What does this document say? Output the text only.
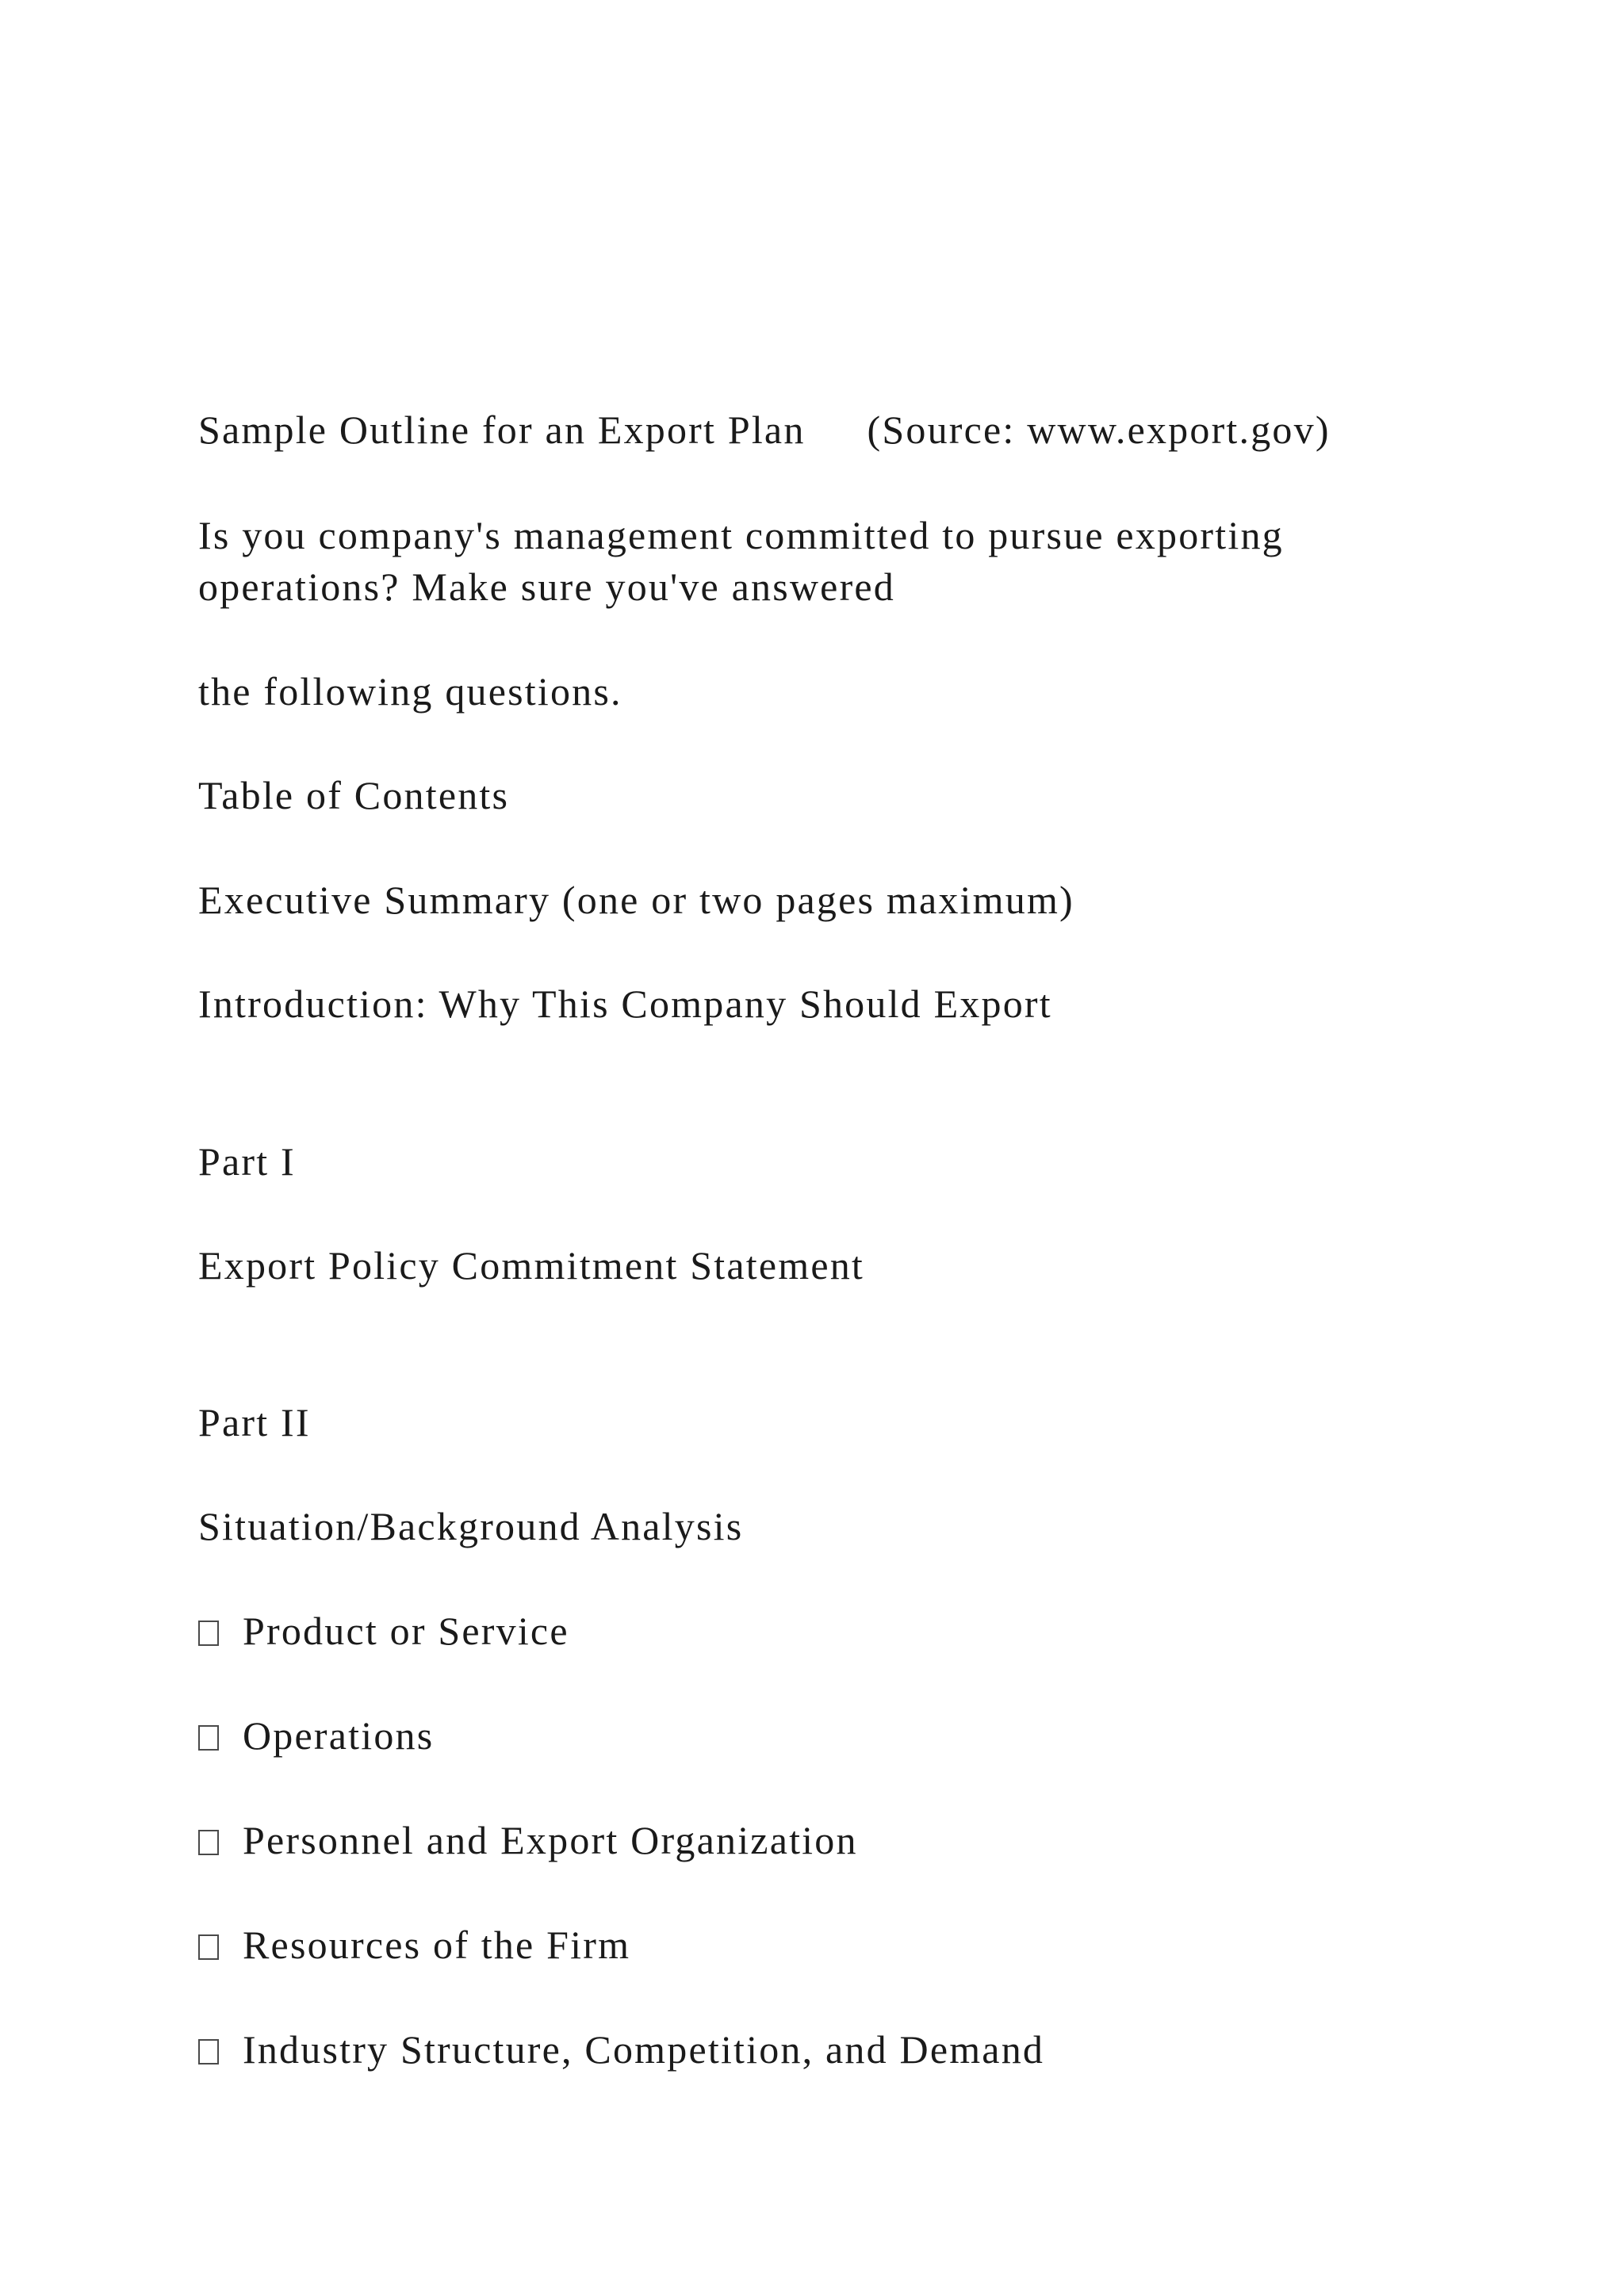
Sample Outline for an Export Plan (Source: www.export.gov)
Is you company's management committed to pursue exporting
operations? Make sure you've answered
the following questions.
Table of Contents
Executive Summary (one or two pages maximum)
Introduction: Why This Company Should Export
Part I
Export Policy Commitment Statement
Part II
Situation/Background Analysis
Product or Service
Operations
Personnel and Export Organization
Resources of the Firm
Industry Structure, Competition, and Demand
